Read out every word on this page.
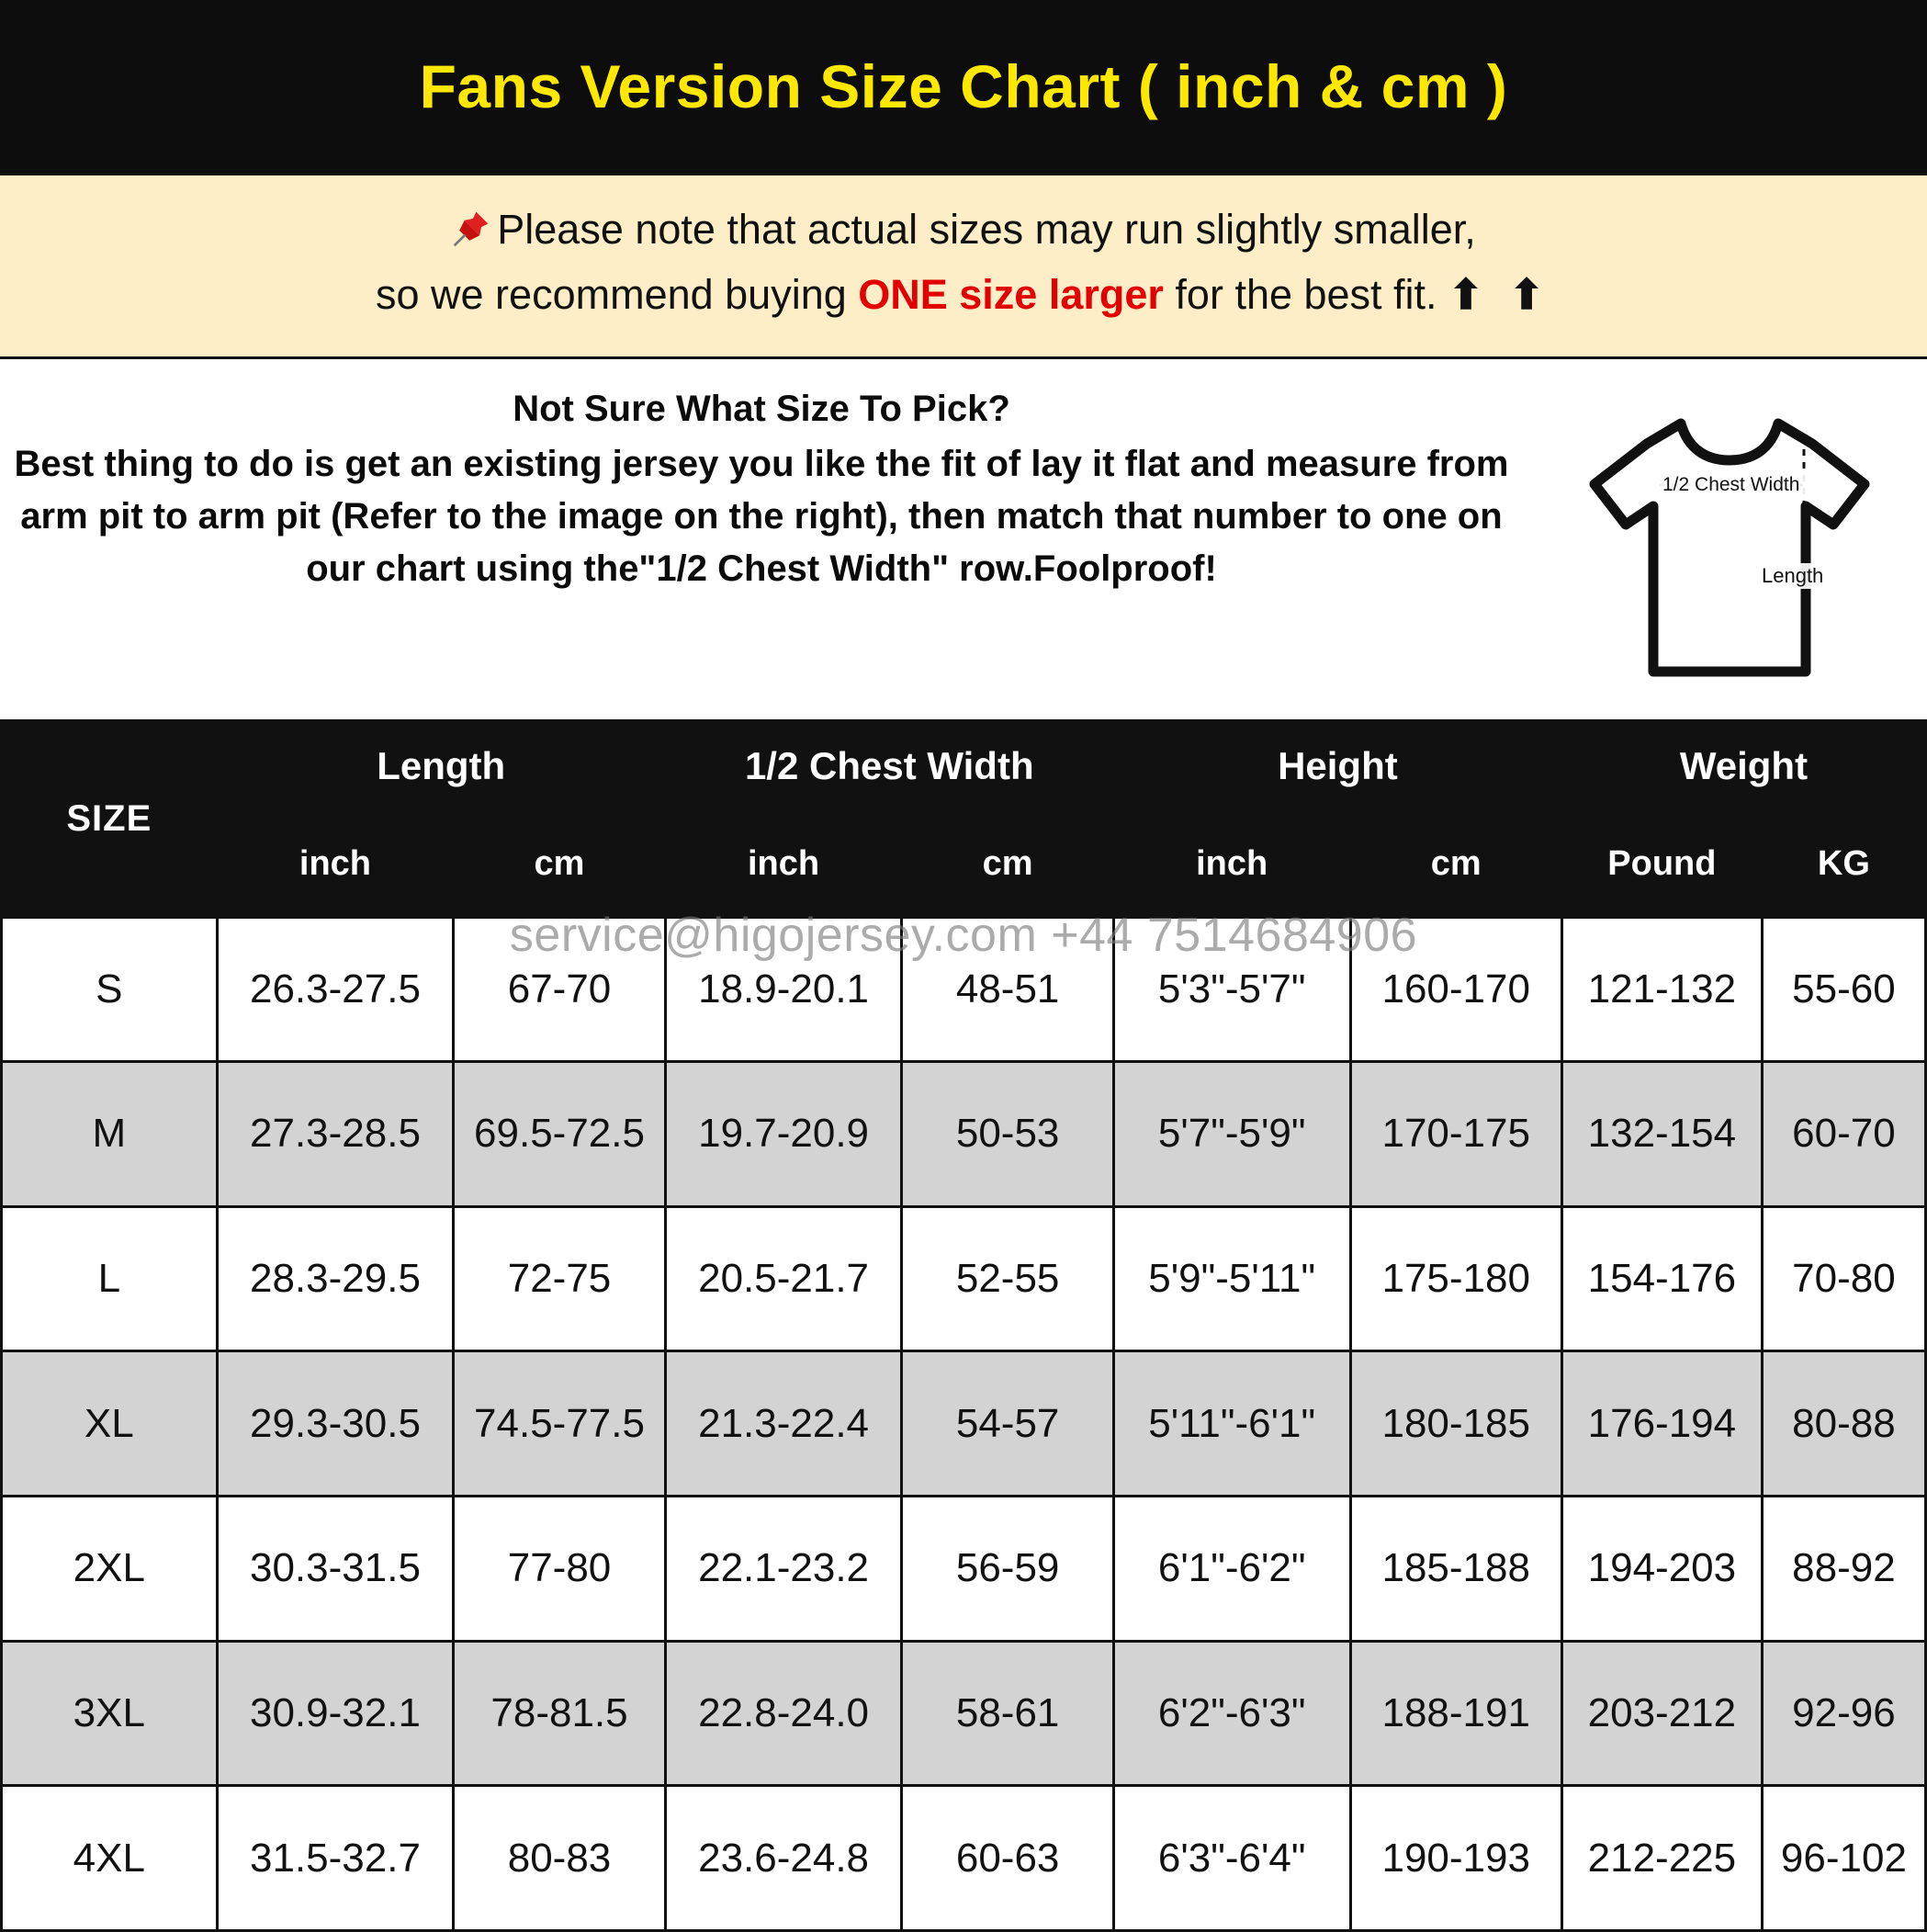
Fans Version Size Chart ( inch & cm )
Please note that actual sizes may run slightly smaller,
so we recommend buying ONE size larger for the best fit. ⬆ ⬆
Not Sure What Size To Pick?
Best thing to do is get an existing jersey you like the fit of lay it flat and measure from arm pit to arm pit (Refer to the image on the right), then match that number to one on our chart using the"1/2 Chest Width" row.Foolproof!
1/2 Chest Width
Length
SIZE	Length		1/2 Chest Width		Height		Weight	
	inch	cm	inch	cm	inch	cm	Pound	KG
S	26.3-27.5	67-70	18.9-20.1	48-51	5'3"-5'7"	160-170	121-132	55-60
M	27.3-28.5	69.5-72.5	19.7-20.9	50-53	5'7"-5'9"	170-175	132-154	60-70
L	28.3-29.5	72-75	20.5-21.7	52-55	5'9"-5'11"	175-180	154-176	70-80
XL	29.3-30.5	74.5-77.5	21.3-22.4	54-57	5'11"-6'1"	180-185	176-194	80-88
2XL	30.3-31.5	77-80	22.1-23.2	56-59	6'1"-6'2"	185-188	194-203	88-92
3XL	30.9-32.1	78-81.5	22.8-24.0	58-61	6'2"-6'3"	188-191	203-212	92-96
4XL	31.5-32.7	80-83	23.6-24.8	60-63	6'3"-6'4"	190-193	212-225	96-102
service@higojersey.com +44 7514684906
